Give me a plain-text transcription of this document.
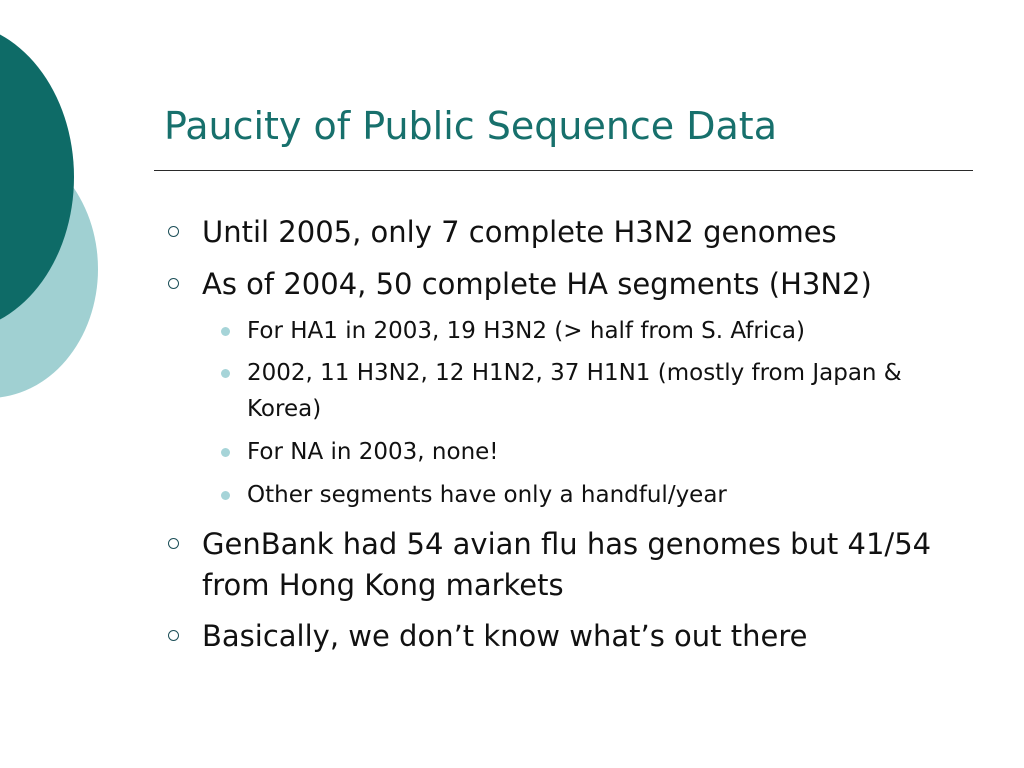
Paucity of Public Sequence Data
Until 2005, only 7 complete H3N2 genomes
As of 2004, 50 complete HA segments (H3N2)
For HA1 in 2003, 19 H3N2 (> half from S. Africa)
2002, 11 H3N2, 12 H1N2, 37 H1N1 (mostly from Japan & Korea)
For NA in 2003, none!
Other segments have only a handful/year
GenBank had 54 avian flu has genomes but 41/54 from Hong Kong markets
Basically, we don’t know what’s out there
